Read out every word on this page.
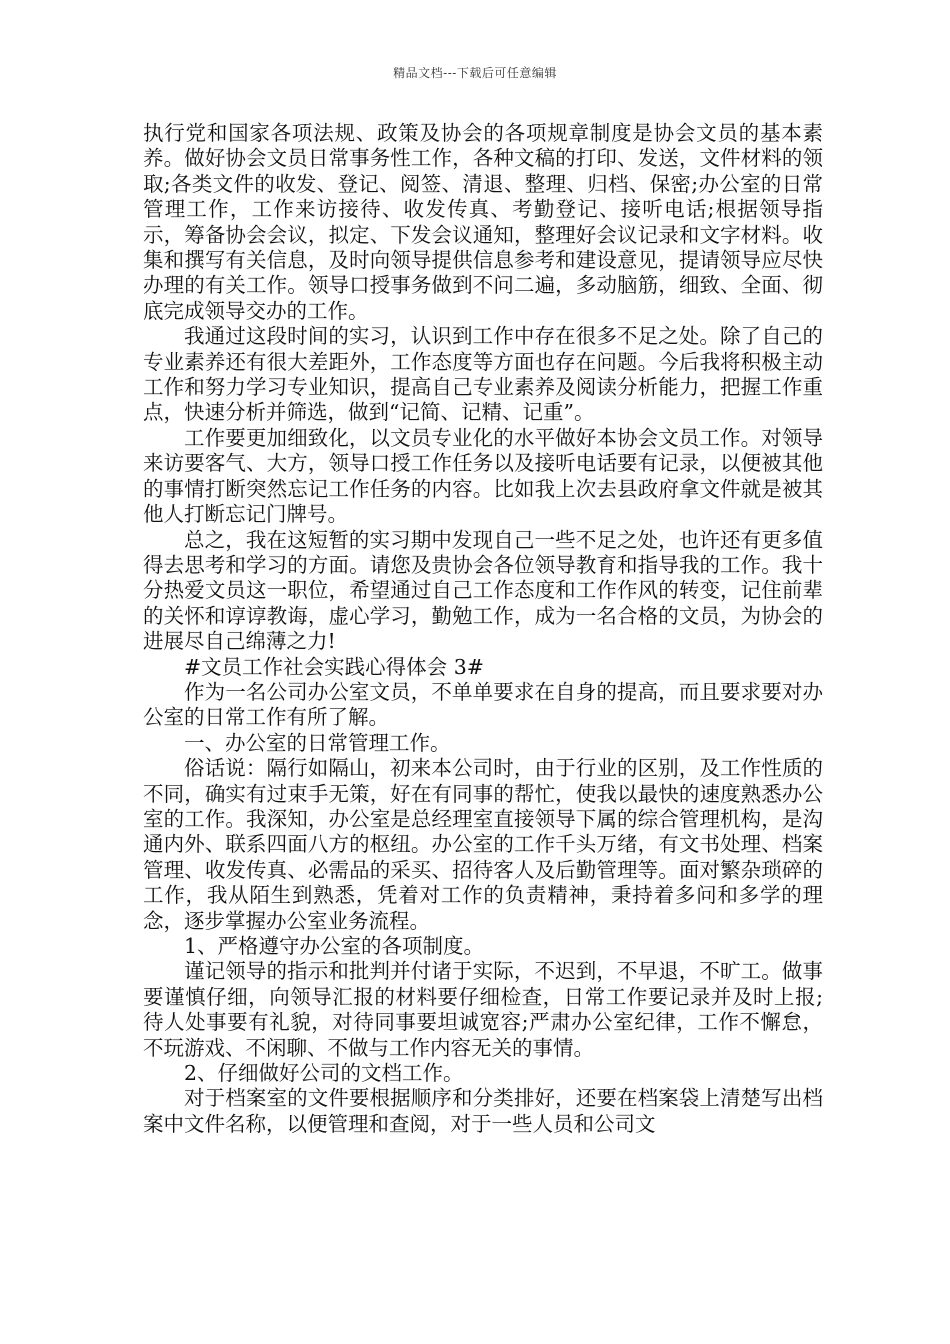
精品文档---下载后可任意编辑

执行党和国家各项法规、政策及协会的各项规章制度是协会文员的基本素养。做好协会文员日常事务性工作，各种文稿的打印、发送，文件材料的领取;各类文件的收发、登记、阅签、清退、整理、归档、保密;办公室的日常管理工作，工作来访接待、收发传真、考勤登记、接听电话;根据领导指示，筹备协会会议，拟定、下发会议通知，整理好会议记录和文字材料。收集和撰写有关信息，及时向领导提供信息参考和建设意见，提请领导应尽快办理的有关工作。领导口授事务做到不问二遍，多动脑筋，细致、全面、彻底完成领导交办的工作。

我通过这段时间的实习，认识到工作中存在很多不足之处。除了自己的专业素养还有很大差距外，工作态度等方面也存在问题。今后我将积极主动工作和努力学习专业知识，提高自己专业素养及阅读分析能力，把握工作重点，快速分析并筛选，做到“记简、记精、记重”。

工作要更加细致化，以文员专业化的水平做好本协会文员工作。对领导来访要客气、大方，领导口授工作任务以及接听电话要有记录，以便被其他的事情打断突然忘记工作任务的内容。比如我上次去县政府拿文件就是被其他人打断忘记门牌号。

总之，我在这短暂的实习期中发现自己一些不足之处，也许还有更多值得去思考和学习的方面。请您及贵协会各位领导教育和指导我的工作。我十分热爱文员这一职位，希望通过自己工作态度和工作作风的转变，记住前辈的关怀和谆谆教诲，虚心学习，勤勉工作，成为一名合格的文员，为协会的进展尽自己绵薄之力!

#文员工作社会实践心得体会 3#

作为一名公司办公室文员，不单单要求在自身的提高，而且要求要对办公室的日常工作有所了解。

一、办公室的日常管理工作。

俗话说：隔行如隔山，初来本公司时，由于行业的区别，及工作性质的不同，确实有过束手无策，好在有同事的帮忙，使我以最快的速度熟悉办公室的工作。我深知，办公室是总经理室直接领导下属的综合管理机构，是沟通内外、联系四面八方的枢纽。办公室的工作千头万绪，有文书处理、档案管理、收发传真、必需品的采买、招待客人及后勤管理等。面对繁杂琐碎的工作，我从陌生到熟悉，凭着对工作的负责精神，秉持着多问和多学的理念，逐步掌握办公室业务流程。

1、严格遵守办公室的各项制度。

谨记领导的指示和批判并付诸于实际，不迟到，不早退，不旷工。做事要谨慎仔细，向领导汇报的材料要仔细检查，日常工作要记录并及时上报;待人处事要有礼貌，对待同事要坦诚宽容;严肃办公室纪律，工作不懈怠，不玩游戏、不闲聊、不做与工作内容无关的事情。

2、仔细做好公司的文档工作。

对于档案室的文件要根据顺序和分类排好，还要在档案袋上清楚写出档案中文件名称，以便管理和查阅，对于一些人员和公司文
